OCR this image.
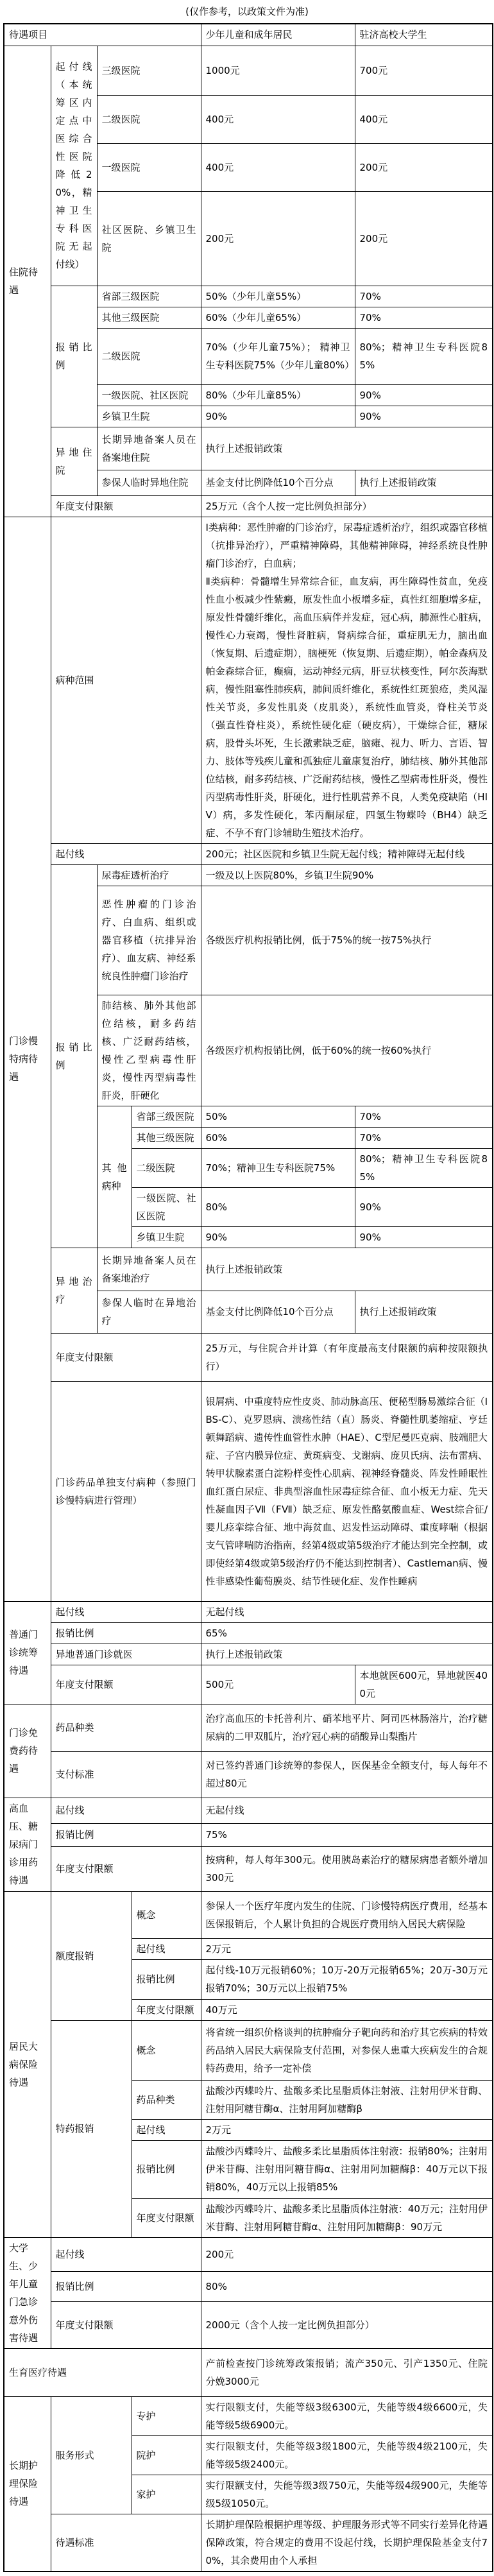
(仅作参考，以政策文件为准)

待遇项目				少年儿童和成年居民	驻济高校大学生
住院待遇	起付线（本统筹区内定点中医综合性医院降低20%，精神卫生专科医院无起付线）	三级医院		1000元	700元
		二级医院		400元	400元
		一级医院		400元	200元
		社区医院、乡镇卫生院		200元	200元
	报销比例	省部三级医院		50%（少年儿童55%）	70%
		其他三级医院		60%（少年儿童65%）	70%
		二级医院		70%（少年儿童75%）； 精神卫生专科医院75%（少年儿童80%）	80%；精神卫生专科医院85%
		一级医院、社区医院		80%（少年儿童85%）	90%
		乡镇卫生院		90%	90%
	异地住院	长期异地备案人员在备案地住院		执行上述报销政策	
		参保人临时异地住院		基金支付比例降低10个百分点	执行上述报销政策
	年度支付限额			25万元（含个人按一定比例负担部分）	
门诊慢特病待遇	病种范围			Ⅰ类病种：恶性肿瘤的门诊治疗，尿毒症透析治疗，组织或器官移植（抗排异治疗），严重精神障碍，其他精神障碍，神经系统良性肿瘤门诊治疗，白血病；

Ⅱ类病种：骨髓增生异常综合征，血友病，再生障碍性贫血，免疫性血小板减少性紫癜，原发性血小板增多症，真性红细胞增多症，原发性骨髓纤维化，高血压病伴并发症，冠心病，肺源性心脏病，慢性心力衰竭，慢性肾脏病，肾病综合征，重症肌无力，脑出血（恢复期、后遗症期），脑梗死（恢复期、后遗症期），帕金森病及帕金森综合征，癫痫，运动神经元病，肝豆状核变性，阿尔茨海默病，慢性阻塞性肺疾病，肺间质纤维化，系统性红斑狼疮，类风湿性关节炎，多发性肌炎（皮肌炎），系统性血管炎，脊柱关节炎（强直性脊柱炎），系统性硬化症（硬皮病），干燥综合征，糖尿病，股骨头坏死，生长激素缺乏症，脑瘫、视力、听力、言语、智力、肢体等残疾儿童和孤独症儿童康复治疗，肺结核、肺外其他部位结核，耐多药结核、广泛耐药结核，慢性乙型病毒性肝炎，慢性丙型病毒性肝炎，肝硬化，进行性肌营养不良，人类免疫缺陷（HIV）病，多发性硬化，苯丙酮尿症，四氢生物蝶呤（BH4）缺乏症、不孕不育门诊辅助生殖技术治疗。	

	起付线			200元；社区医院和乡镇卫生院无起付线；精神障碍无起付线	
	报销比例	尿毒症透析治疗		一级及以上医院80%，乡镇卫生院90%	
		恶性肿瘤的门诊治疗、白血病、组织或器官移植（抗排异治疗）、血友病、神经系统良性肿瘤门诊治疗		各级医疗机构报销比例，低于75%的统一按75%执行	
		肺结核、肺外其他部位结核，耐多药结核、广泛耐药结核，慢性乙型病毒性肝炎，慢性丙型病毒性肝炎，肝硬化		各级医疗机构报销比例，低于60%的统一按60%执行	
		其他病种	省部三级医院	50%	70%
			其他三级医院	60%	70%
			二级医院	70%；精神卫生专科医院75%	80%；精神卫生专科医院85%
			一级医院、社区医院	80%	90%
			乡镇卫生院	90%	90%
	异地治疗	长期异地备案人员在备案地治疗		执行上述报销政策	
		参保人临时在异地治疗		基金支付比例降低10个百分点	执行上述报销政策
	年度支付限额			25万元，与住院合并计算（有年度最高支付限额的病种按限额执行）	
	门诊药品单独支付病种（参照门诊慢特病进行管理）			银屑病、中重度特应性皮炎、肺动脉高压、便秘型肠易激综合征（IBS-C）、克罗恩病、溃疡性结（直）肠炎、脊髓性肌萎缩症、亨廷顿舞蹈病、遗传性血管性水肿（HAE）、C型尼曼匹克病、肢端肥大症、子宫内膜异位症、黄斑病变、戈谢病、庞贝氏病、法布雷病、转甲状腺素蛋白淀粉样变性心肌病、视神经脊髓炎、阵发性睡眠性血红蛋白尿症、非典型溶血性尿毒症综合征、血小板无力症、先天性凝血因子Ⅶ（FⅦ）缺乏症、原发性酪氨酸血症、West综合征/婴儿痉挛综合征、地中海贫血、迟发性运动障碍、重度哮喘（根据支气管哮喘防治指南，经第4级或第5级治疗才能达到完全控制，或即使经第4级或第5级治疗仍不能达到控制者）、Castleman病、慢性非感染性葡萄膜炎、结节性硬化症、发作性睡病	
普通门诊统筹待遇	起付线			无起付线	
	报销比例			65%	
	异地普通门诊就医			执行上述报销政策	
	年度支付限额			500元	本地就医600元，异地就医400元
门诊免费药待遇	药品种类			治疗高血压的卡托普利片、硝苯地平片、阿司匹林肠溶片，治疗糖尿病的二甲双胍片，治疗冠心病的硝酸异山梨酯片	
	支付标准			对已签约普通门诊统筹的参保人，医保基金全额支付，每人每年不超过80元	
高血压、糖尿病门诊用药待遇	起付线			无起付线	
	报销比例			75%	
	年度支付限额			按病种，每人每年300元。使用胰岛素治疗的糖尿病患者额外增加300元	
居民大病保险待遇	额度报销		概念	参保人一个医疗年度内发生的住院、门诊慢特病医疗费用，经基本医保报销后，个人累计负担的合规医疗费用纳入居民大病保险	
			起付线	2万元	
			报销比例	起付线-10万元报销60%；10万-20万元报销65%；20万-30万元报销70%；30万元以上报销75%	
			年度支付限额	40万元	
	特药报销		概念	将省统一组织价格谈判的抗肿瘤分子靶向药和治疗其它疾病的特效药品纳入居民大病保险支付范围，对参保人患重大疾病发生的合规特药费用，给予一定补偿	
			药品种类	盐酸沙丙蝶呤片、盐酸多柔比星脂质体注射液、注射用伊米苷酶、注射用阿糖苷酶α、注射用阿加糖酶β	
			起付线	2万元	
			报销比例	盐酸沙丙蝶呤片、盐酸多柔比星脂质体注射液：报销80%；注射用伊米苷酶、注射用阿糖苷酶α、注射用阿加糖酶β：40万元以下报销80%，40万元以上报销85%	
			年度支付限额	盐酸沙丙蝶呤片、盐酸多柔比星脂质体注射液：40万元；注射用伊米苷酶、注射用阿糖苷酶α、注射用阿加糖酶β：90万元	
大学生、少年儿童门急诊意外伤害待遇	起付线			200元	
	报销比例			80%	
	年度支付限额			2000元（含个人按一定比例负担部分）	
生育医疗待遇				产前检查按门诊统筹政策报销；流产350元、引产1350元、住院分娩3000元	
长期护理保险待遇	服务形式		专护	实行限额支付，失能等级3级6300元，失能等级4级6600元，失能等级5级6900元。	
			院护	实行限额支付，失能等级3级1800元，失能等级4级2100元，失能等级5级2400元。	
			家护	实行限额支付，失能等级3级750元，失能等级4级900元，失能等级5级1050元。	
	待遇标准			长期护理保险根据护理等级、护理服务形式等不同实行差异化待遇保障政策，符合规定的费用不设起付线，长期护理保险基金支付70%，其余费用由个人承担	
